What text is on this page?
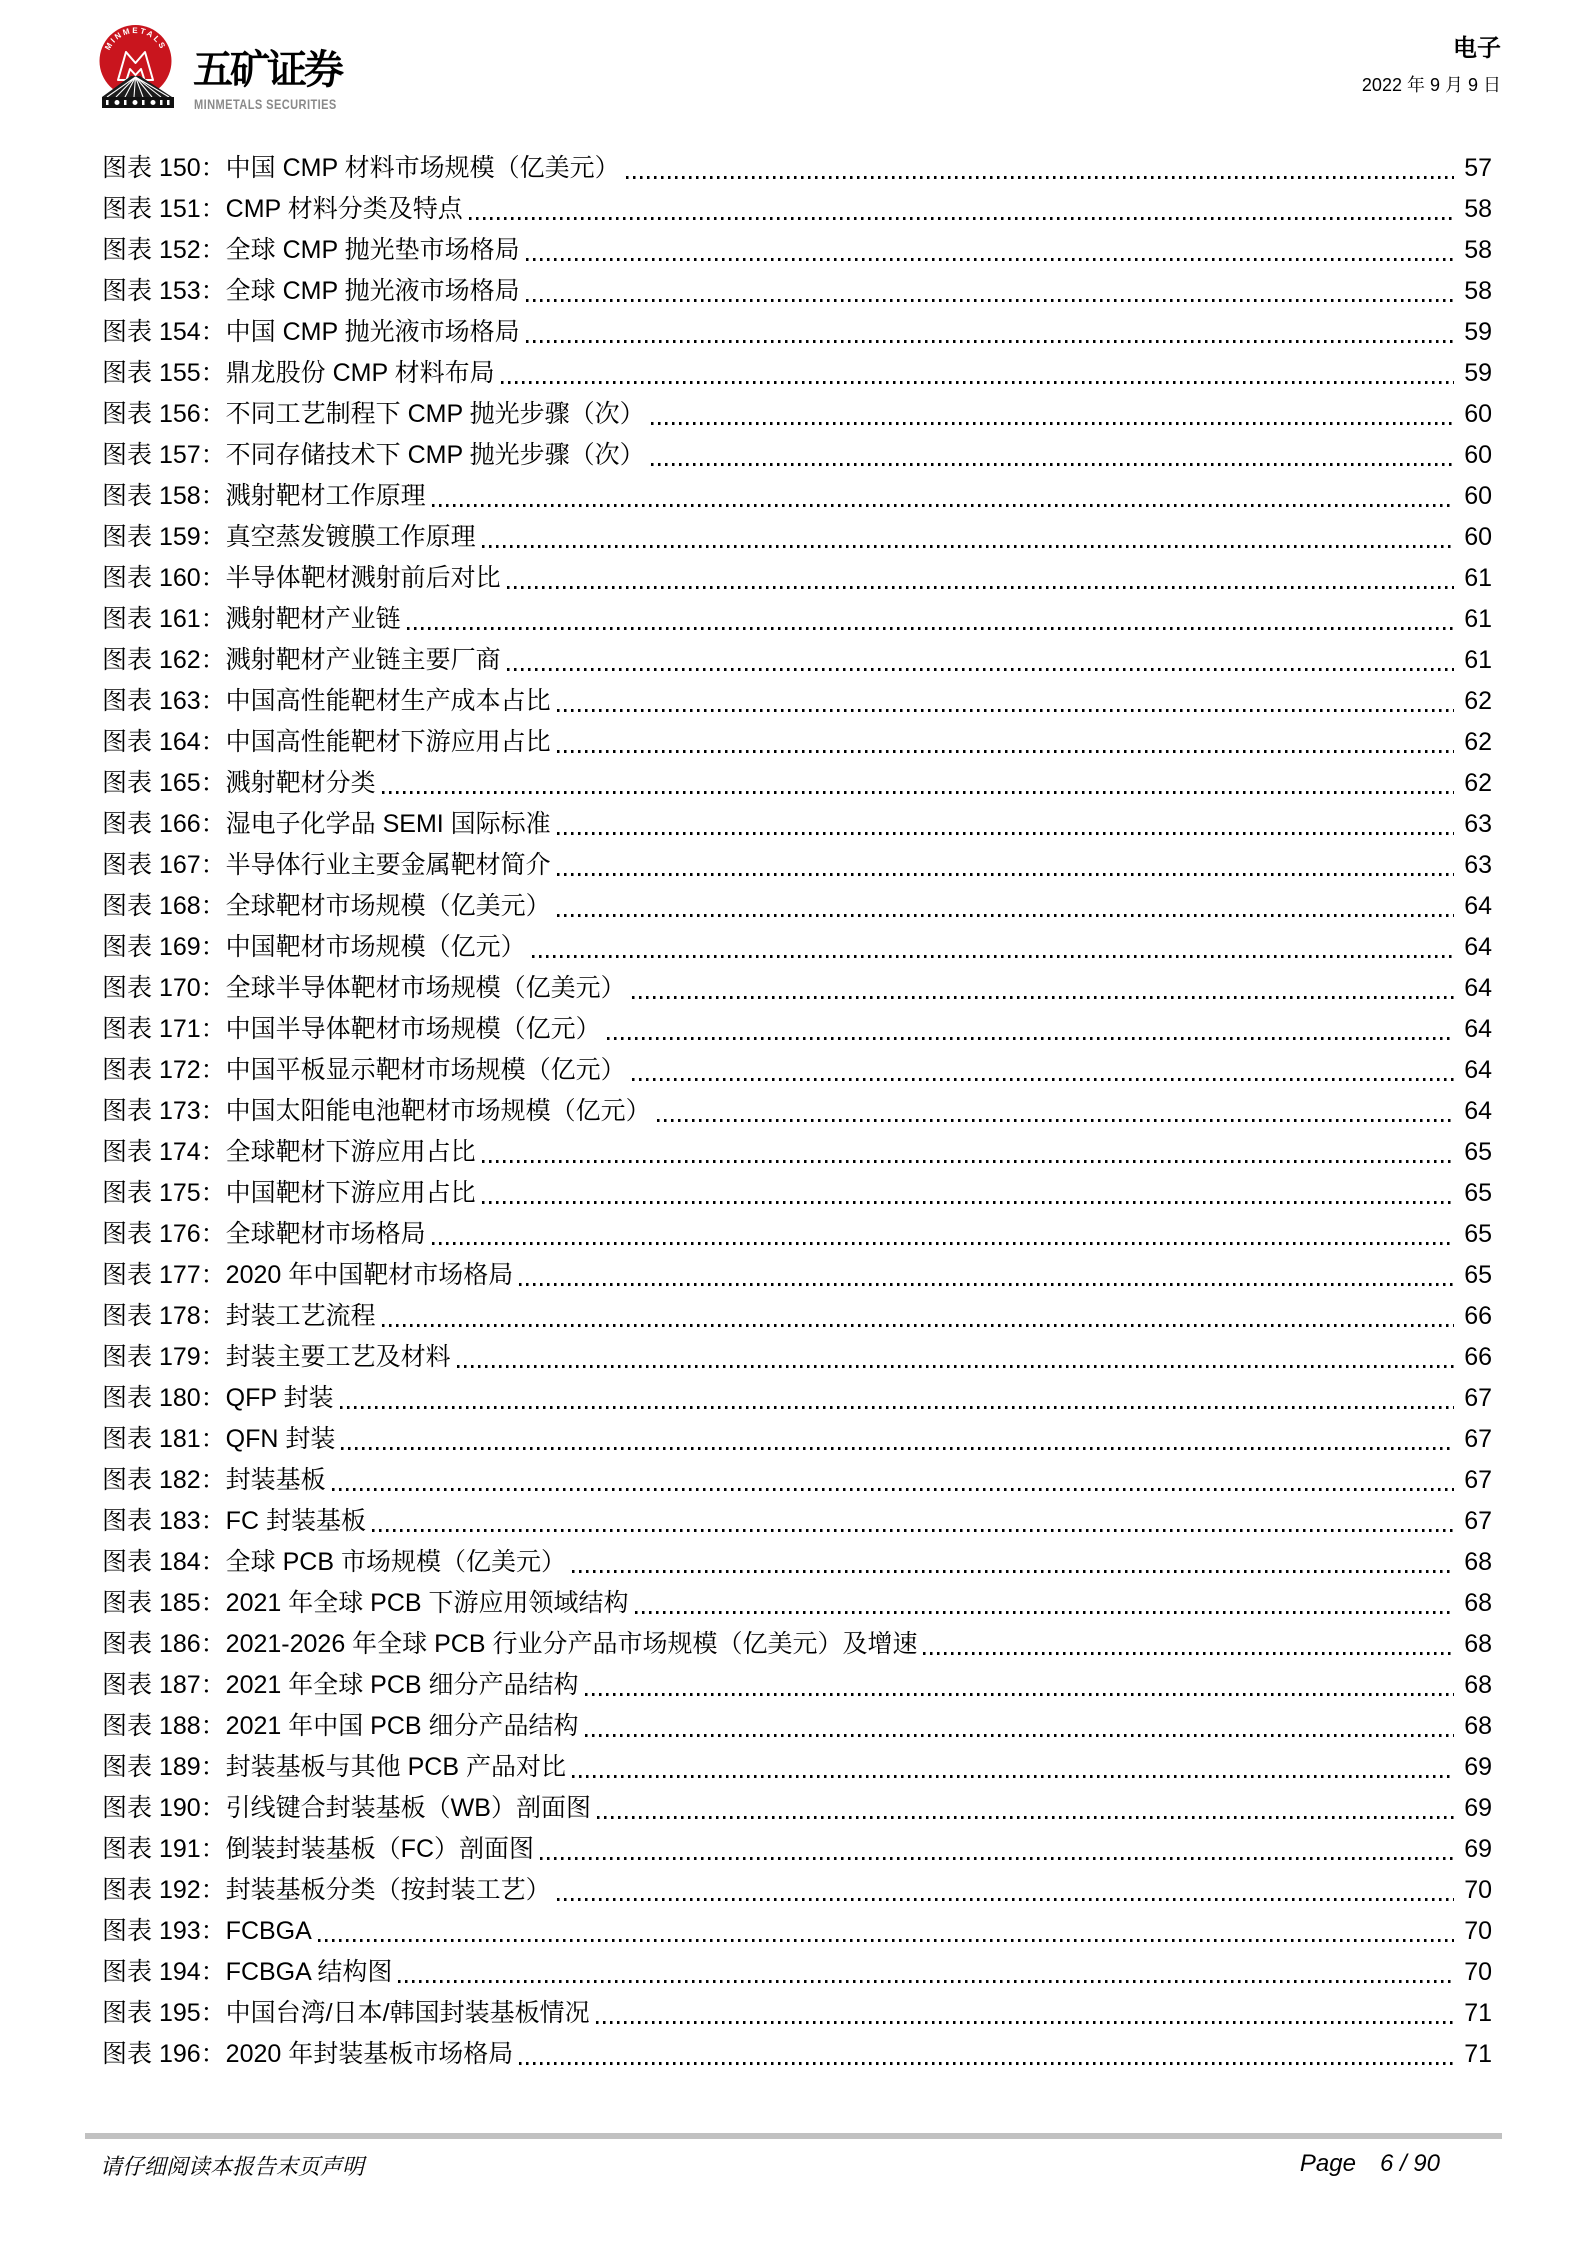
MINMETALS
五矿证券
MINMETALS SECURITIES
电子
2022 年 9 月 9 日
图表 150： 中国 CMP 材料市场规模（亿美元）	57
图表 151： CMP 材料分类及特点	58
图表 152： 全球 CMP 抛光垫市场格局	58
图表 153： 全球 CMP 抛光液市场格局	58
图表 154： 中国 CMP 抛光液市场格局	59
图表 155： 鼎龙股份 CMP 材料布局	59
图表 156： 不同工艺制程下 CMP 抛光步骤（次）	60
图表 157： 不同存储技术下 CMP 抛光步骤（次）	60
图表 158： 溅射靶材工作原理	60
图表 159： 真空蒸发镀膜工作原理	60
图表 160： 半导体靶材溅射前后对比	61
图表 161： 溅射靶材产业链	61
图表 162： 溅射靶材产业链主要厂商	61
图表 163： 中国高性能靶材生产成本占比	62
图表 164： 中国高性能靶材下游应用占比	62
图表 165： 溅射靶材分类	62
图表 166： 湿电子化学品 SEMI 国际标准	63
图表 167： 半导体行业主要金属靶材简介	63
图表 168： 全球靶材市场规模（亿美元）	64
图表 169： 中国靶材市场规模（亿元）	64
图表 170： 全球半导体靶材市场规模（亿美元）	64
图表 171： 中国半导体靶材市场规模（亿元）	64
图表 172： 中国平板显示靶材市场规模（亿元）	64
图表 173： 中国太阳能电池靶材市场规模（亿元）	64
图表 174： 全球靶材下游应用占比	65
图表 175： 中国靶材下游应用占比	65
图表 176： 全球靶材市场格局	65
图表 177： 2020 年中国靶材市场格局	65
图表 178： 封装工艺流程	66
图表 179： 封装主要工艺及材料	66
图表 180： QFP 封装	67
图表 181： QFN 封装	67
图表 182： 封装基板	67
图表 183： FC 封装基板	67
图表 184： 全球 PCB 市场规模（亿美元）	68
图表 185： 2021 年全球 PCB 下游应用领域结构	68
图表 186： 2021-2026 年全球 PCB 行业分产品市场规模（亿美元）及增速	68
图表 187： 2021 年全球 PCB 细分产品结构	68
图表 188： 2021 年中国 PCB 细分产品结构	68
图表 189： 封装基板与其他 PCB 产品对比	69
图表 190： 引线键合封装基板（WB）剖面图	69
图表 191： 倒装封装基板（FC）剖面图	69
图表 192： 封装基板分类（按封装工艺）	70
图表 193： FCBGA	70
图表 194： FCBGA 结构图	70
图表 195： 中国台湾/日本/韩国封装基板情况	71
图表 196： 2020 年封装基板市场格局	71
请仔细阅读本报告末页声明	Page 6 / 90
